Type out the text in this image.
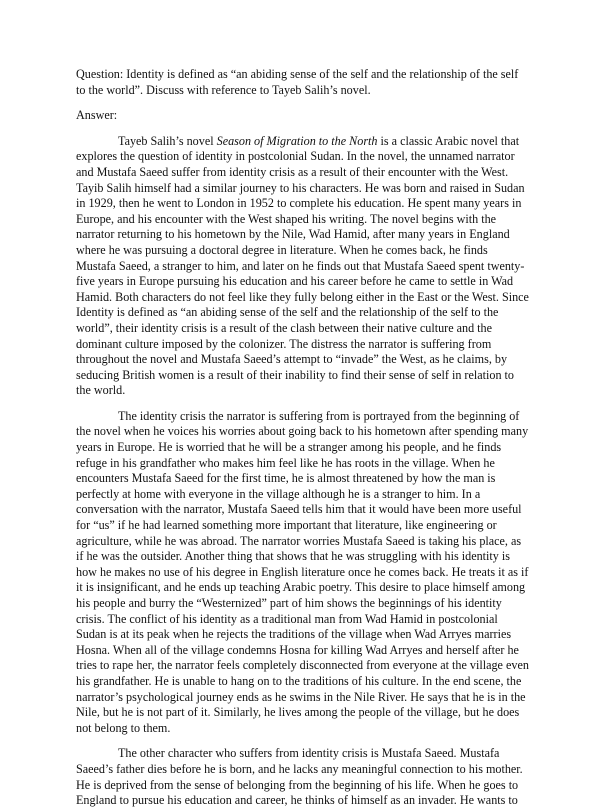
Question: Identity is defined as “an abiding sense of the self and the relationship of the self to the world”. Discuss with reference to Tayeb Salih’s novel.

Answer:

Tayeb Salih’s novel Season of Migration to the North is a classic Arabic novel that explores the question of identity in postcolonial Sudan. In the novel, the unnamed narrator and Mustafa Saeed suffer from identity crisis as a result of their encounter with the West. Tayib Salih himself had a similar journey to his characters. He was born and raised in Sudan in 1929, then he went to London in 1952 to complete his education. He spent many years in Europe, and his encounter with the West shaped his writing. The novel begins with the narrator returning to his hometown by the Nile, Wad Hamid, after many years in England where he was pursuing a doctoral degree in literature. When he comes back, he finds Mustafa Saeed, a stranger to him, and later on he finds out that Mustafa Saeed spent twenty-five years in Europe pursuing his education and his career before he came to settle in Wad Hamid. Both characters do not feel like they fully belong either in the East or the West. Since Identity is defined as “an abiding sense of the self and the relationship of the self to the world”, their identity crisis is a result of the clash between their native culture and the dominant culture imposed by the colonizer. The distress the narrator is suffering from throughout the novel and Mustafa Saeed’s attempt to “invade” the West, as he claims, by seducing British women is a result of their inability to find their sense of self in relation to the world.

The identity crisis the narrator is suffering from is portrayed from the beginning of the novel when he voices his worries about going back to his hometown after spending many years in Europe. He is worried that he will be a stranger among his people, and he finds refuge in his grandfather who makes him feel like he has roots in the village. When he encounters Mustafa Saeed for the first time, he is almost threatened by how the man is perfectly at home with everyone in the village although he is a stranger to him. In a conversation with the narrator, Mustafa Saeed tells him that it would have been more useful for “us” if he had learned something more important that literature, like engineering or agriculture, while he was abroad. The narrator worries Mustafa Saeed is taking his place, as if he was the outsider. Another thing that shows that he was struggling with his identity is how he makes no use of his degree in English literature once he comes back. He treats it as if it is insignificant, and he ends up teaching Arabic poetry. This desire to place himself among his people and burry the “Westernized” part of him shows the beginnings of his identity crisis. The conflict of his identity as a traditional man from Wad Hamid in postcolonial Sudan is at its peak when he rejects the traditions of the village when Wad Arryes marries Hosna. When all of the village condemns Hosna for killing Wad Arryes and herself after he tries to rape her, the narrator feels completely disconnected from everyone at the village even his grandfather. He is unable to hang on to the traditions of his culture. In the end scene, the narrator’s psychological journey ends as he swims in the Nile River. He says that he is in the Nile, but he is not part of it. Similarly, he lives among the people of the village, but he does not belong to them.

The other character who suffers from identity crisis is Mustafa Saeed. Mustafa Saeed’s father dies before he is born, and he lacks any meaningful connection to his mother. He is deprived from the sense of belonging from the beginning of his life. When he goes to England to pursue his education and career, he thinks of himself as an invader. He wants to
